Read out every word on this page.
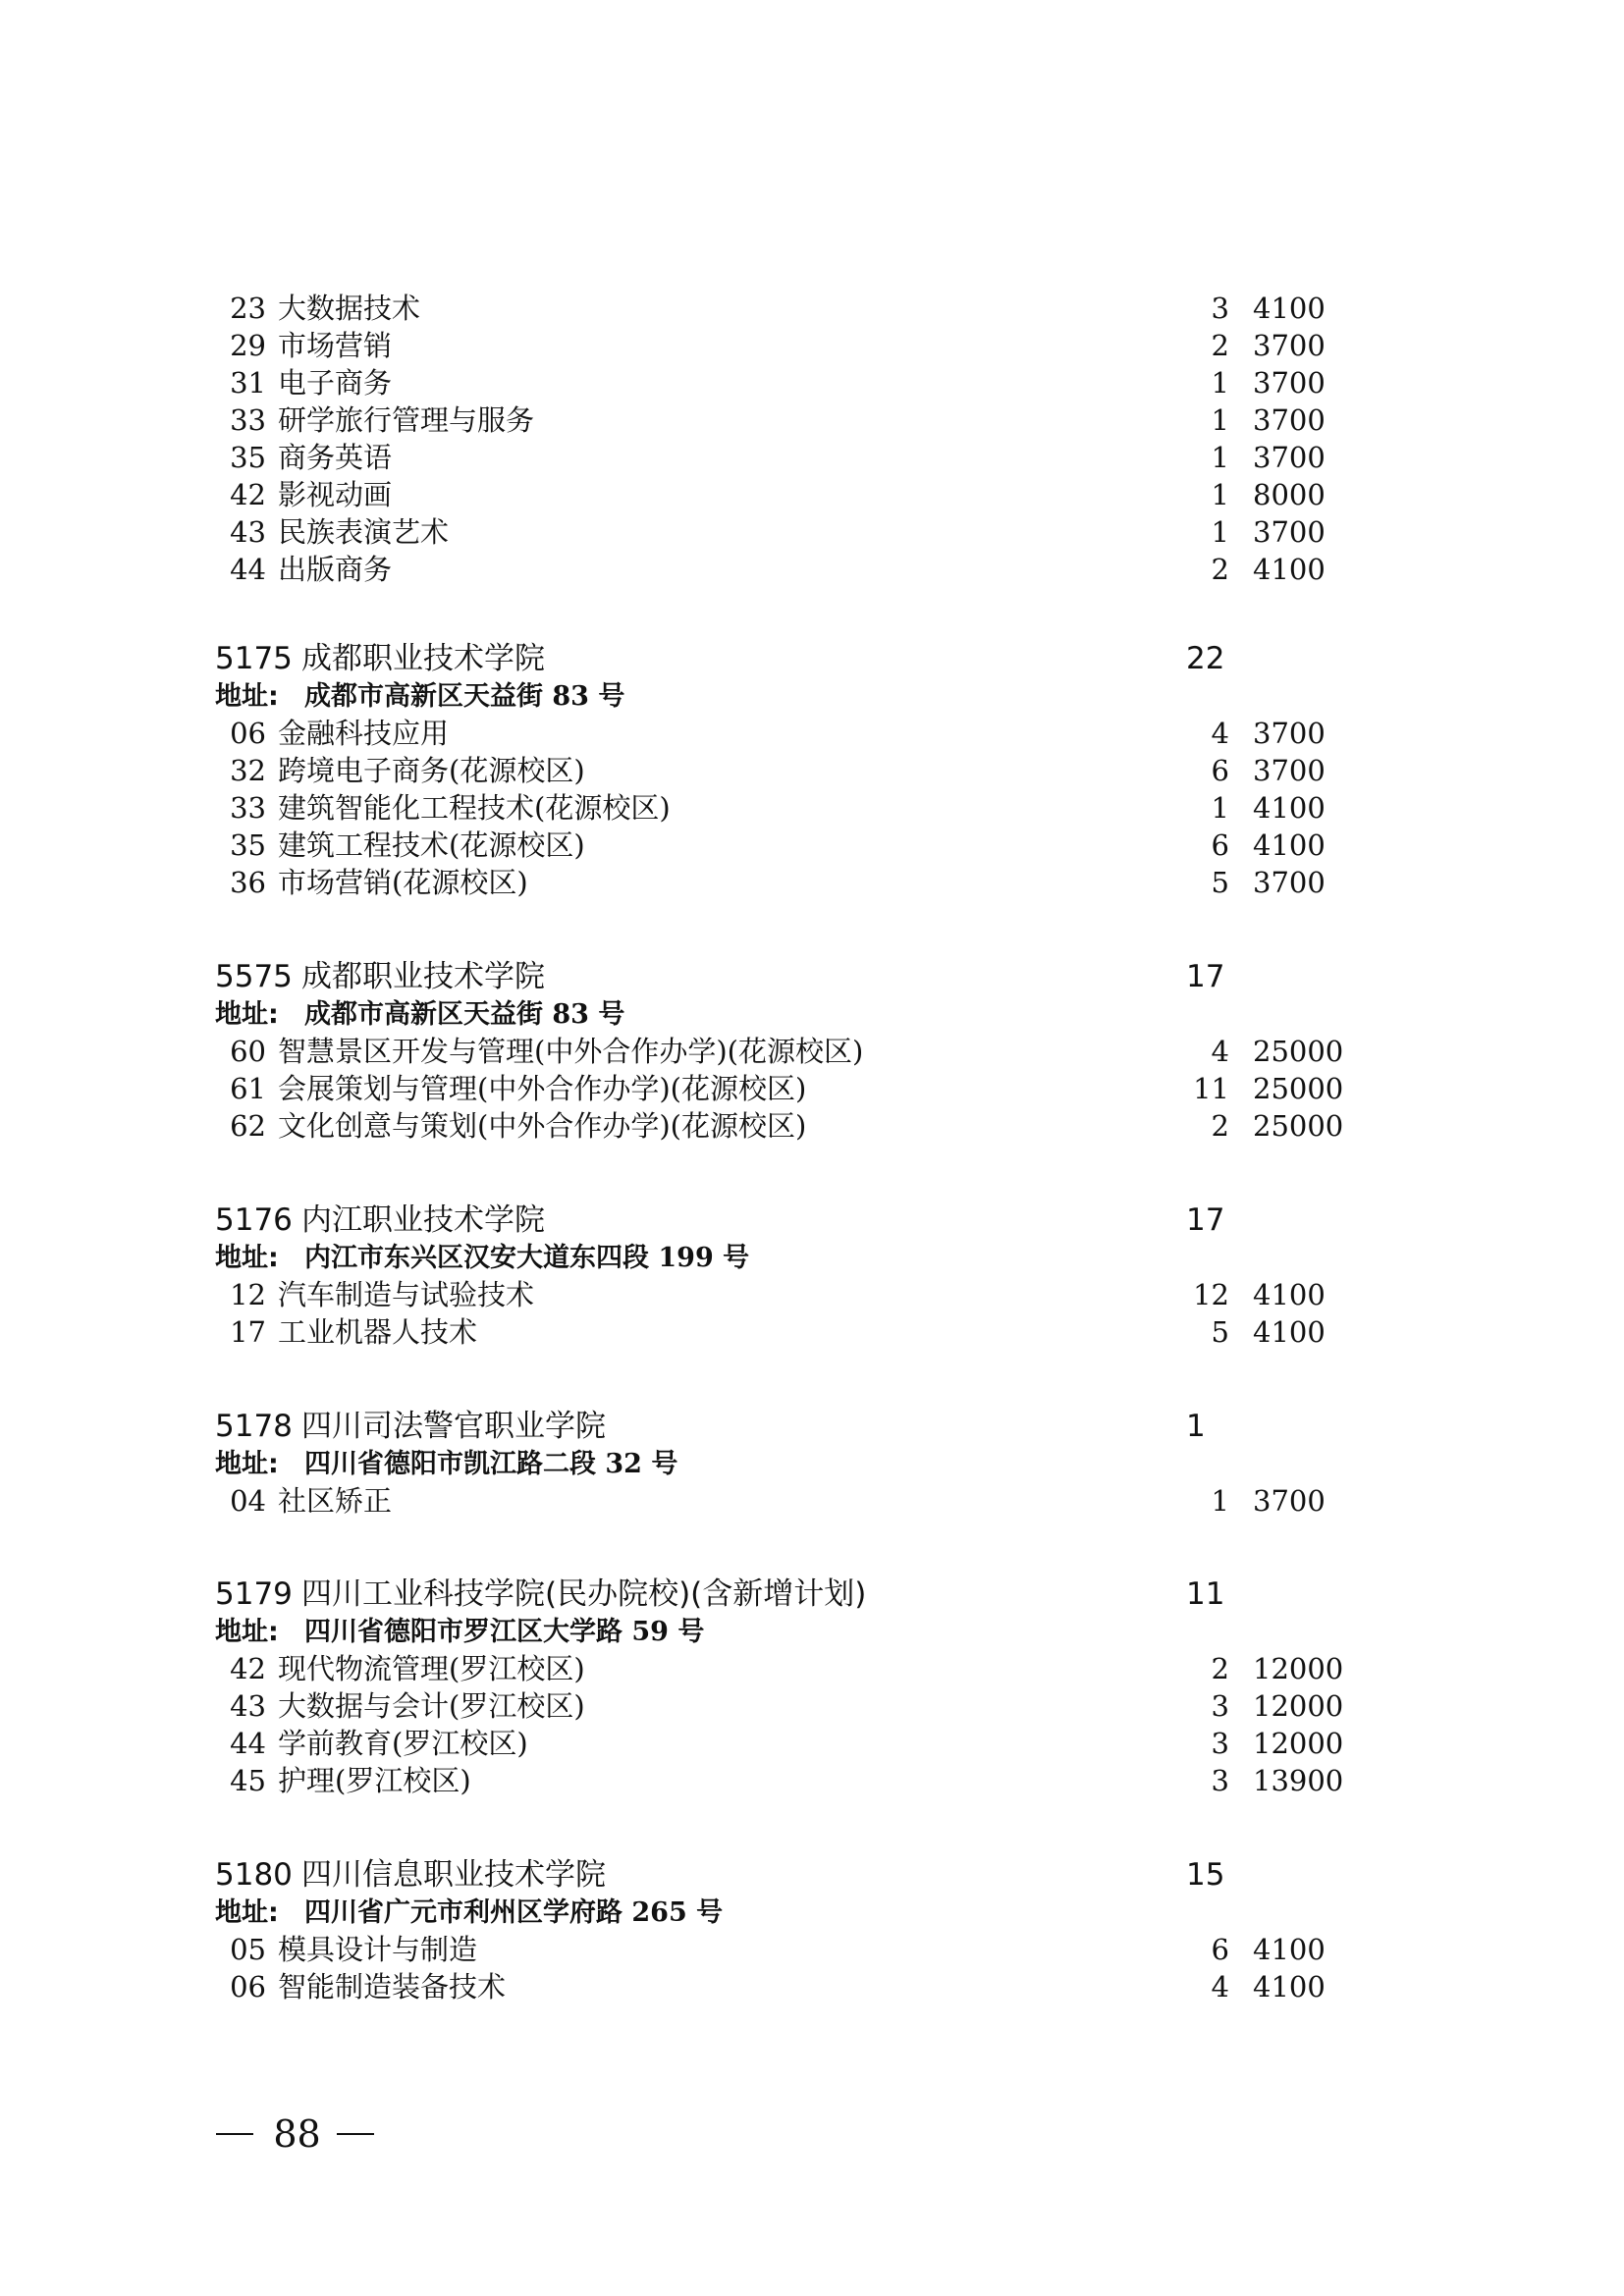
23 大数据技术	3 4100
29 市场营销	2 3700
31 电子商务	1 3700
33 研学旅行管理与服务	1 3700
35 商务英语	1 3700
42 影视动画	1 8000
43 民族表演艺术	1 3700
44 出版商务	2 4100
5175 成都职业技术学院	22
地址: 成都市高新区天益街 83 号
06 金融科技应用	4 3700
32 跨境电子商务(花源校区)	6 3700
33 建筑智能化工程技术(花源校区)	1 4100
35 建筑工程技术(花源校区)	6 4100
36 市场营销(花源校区)	5 3700
5575 成都职业技术学院	17
地址: 成都市高新区天益街 83 号
60 智慧景区开发与管理(中外合作办学)(花源校区)	4 25000
61 会展策划与管理(中外合作办学)(花源校区)	11 25000
62 文化创意与策划(中外合作办学)(花源校区)	2 25000
5176 内江职业技术学院	17
地址: 内江市东兴区汉安大道东四段 199 号
12 汽车制造与试验技术	12 4100
17 工业机器人技术	5 4100
5178 四川司法警官职业学院	1
地址: 四川省德阳市凯江路二段 32 号
04 社区矫正	1 3700
5179 四川工业科技学院(民办院校)(含新增计划)	11
地址: 四川省德阳市罗江区大学路 59 号
42 现代物流管理(罗江校区)	2 12000
43 大数据与会计(罗江校区)	3 12000
44 学前教育(罗江校区)	3 12000
45 护理(罗江校区)	3 13900
5180 四川信息职业技术学院	15
地址: 四川省广元市利州区学府路 265 号
05 模具设计与制造	6 4100
06 智能制造装备技术	4 4100
88
